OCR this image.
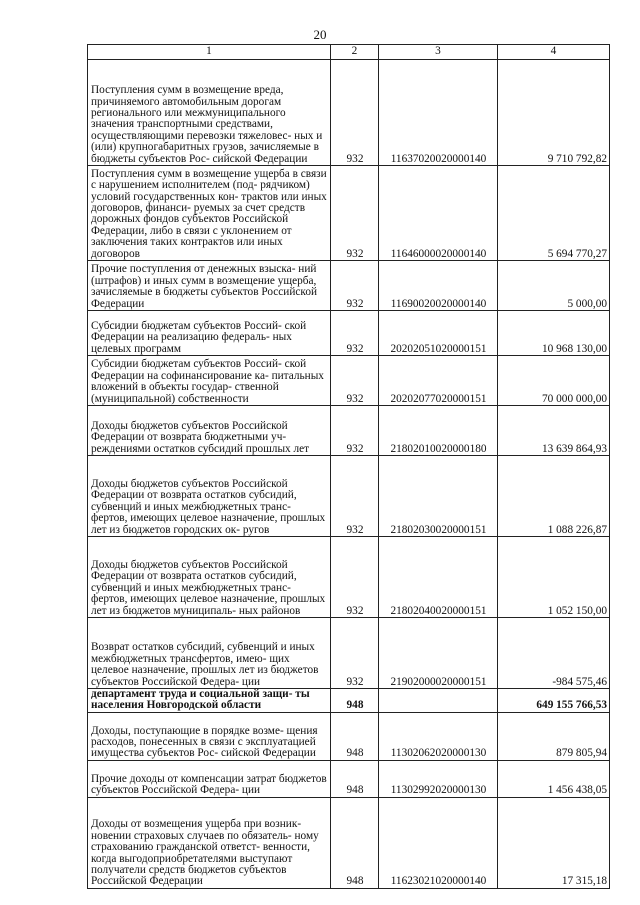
20
1	2	3	4
Поступления сумм в возмещение вреда, причиняемого автомобильным дорогам регионального или межмуниципального значения транспортными средствами, осуществляющими перевозки тяжеловес- ных и (или) крупногабаритных грузов, зачисляемые в бюджеты субъектов Рос- сийской Федерации	932	11637020020000140	9 710 792,82
Поступления сумм в возмещение ущерба в связи с нарушением исполнителем (под- рядчиком) условий государственных кон- трактов или иных договоров, финанси- руемых за счет средств дорожных фондов субъектов Российской Федерации, либо в связи с уклонением от заключения таких контрактов или иных договоров	932	11646000020000140	5 694 770,27
Прочие поступления от денежных взыска- ний (штрафов) и иных сумм в возмещение ущерба, зачисляемые в бюджеты субъектов Российской Федерации	932	11690020020000140	5 000,00
Субсидии бюджетам субъектов Россий- ской Федерации на реализацию федераль- ных целевых программ	932	20202051020000151	10 968 130,00
Субсидии бюджетам субъектов Россий- ской Федерации на софинансирование ка- питальных вложений в объекты государ- ственной (муниципальной) собственности	932	20202077020000151	70 000 000,00
Доходы бюджетов субъектов Российской Федерации от возврата бюджетными уч- реждениями остатков субсидий прошлых лет	932	21802010020000180	13 639 864,93
Доходы бюджетов субъектов Российской Федерации от возврата остатков субсидий, субвенций и иных межбюджетных транс- фертов, имеющих целевое назначение, прошлых лет из бюджетов городских ок- ругов	932	21802030020000151	1 088 226,87
Доходы бюджетов субъектов Российской Федерации от возврата остатков субсидий, субвенций и иных межбюджетных транс- фертов, имеющих целевое назначение, прошлых лет из бюджетов муниципаль- ных районов	932	21802040020000151	1 052 150,00
Возврат остатков субсидий, субвенций и иных межбюджетных трансфертов, имею- щих целевое назначение, прошлых лет из бюджетов субъектов Российской Федера- ции	932	21902000020000151	-984 575,46
департамент труда и социальной защи- ты населения Новгородской области	948		649 155 766,53
Доходы, поступающие в порядке возме- щения расходов, понесенных в связи с эксплуатацией имущества субъектов Рос- сийской Федерации	948	11302062020000130	879 805,94
Прочие доходы от компенсации затрат бюджетов субъектов Российской Федера- ции	948	11302992020000130	1 456 438,05
Доходы от возмещения ущерба при возник- новении страховых случаев по обязатель- ному страхованию гражданской ответст- венности, когда выгодоприобретателями выступают получатели средств бюджетов субъектов Российской Федерации	948	11623021020000140	17 315,18
